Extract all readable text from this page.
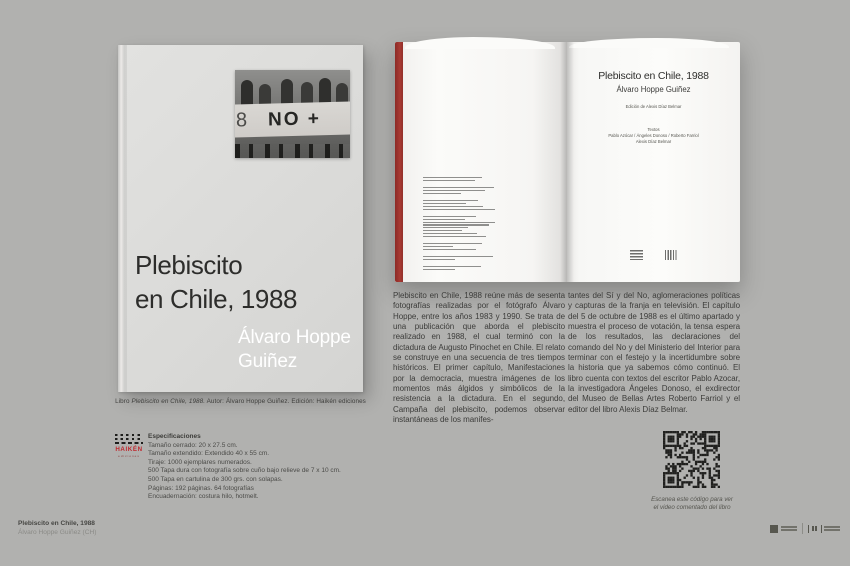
8 NO +
Plebiscito
en Chile, 1988
Álvaro Hoppe
Guiñez
Libro Plebiscito en Chile, 1988. Autor: Álvaro Hoppe Guiñez. Edición: Haikén ediciones
Plebiscito en Chile, 1988
Álvaro Hoppe Guiñez
Edición de Alexis Díaz Belmar
Textos
Pablo Azócar / Ángeles Donoso / Roberto Farriol
Alexis Díaz Belmar
Plebiscito en Chile, 1988 reúne más de sesenta fotografías realizadas por el fotógrafo Álvaro Hoppe, entre los años 1983 y 1990. Se trata de una publicación que aborda el plebiscito realizado en 1988, el cual terminó con la dictadura de Augusto Pinochet en Chile. El relato se construye en una secuencia de tres tiempos históricos. El primer capítulo, Manifestaciones por la democracia, muestra imágenes de los momentos más álgidos y simbólicos de la resistencia a la dictadura. En el segundo, Campaña del plebiscito, podemos observar instantáneas de los manifes-
tantes del Sí y del No, aglomeraciones políticas y capturas de la franja en televisión. El capítulo del 5 de octubre de 1988 es el último apartado y muestra el proceso de votación, la tensa espera de los resultados, las declaraciones del comando del No y del Ministerio del Interior para terminar con el festejo y la incertidumbre sobre la historia que ya sabemos cómo continuó. El libro cuenta con textos del escritor Pablo Azocar, la investigadora Ángeles Donoso, el exdirector del Museo de Bellas Artes Roberto Farriol y el editor del libro Alexis Díaz Belmar.
HAIKÉN
ediciones
Especificaciones
Tamaño cerrado: 20 x 27.5 cm.
Tamaño extendido: Extendido 40 x 55 cm.
Tiraje: 1000 ejemplares numerados.
500 Tapa dura con fotografía sobre cuño bajo relieve de 7 x 10 cm.
500 Tapa en cartulina de 300 grs. con solapas.
Páginas: 192 páginas. 64 fotografías
Encuadernación: costura hilo, hotmelt.	Escanea este código para ver
el video comentado del libro
Plebiscito en Chile, 1988
Álvaro Hoppe Guiñez (CH)
